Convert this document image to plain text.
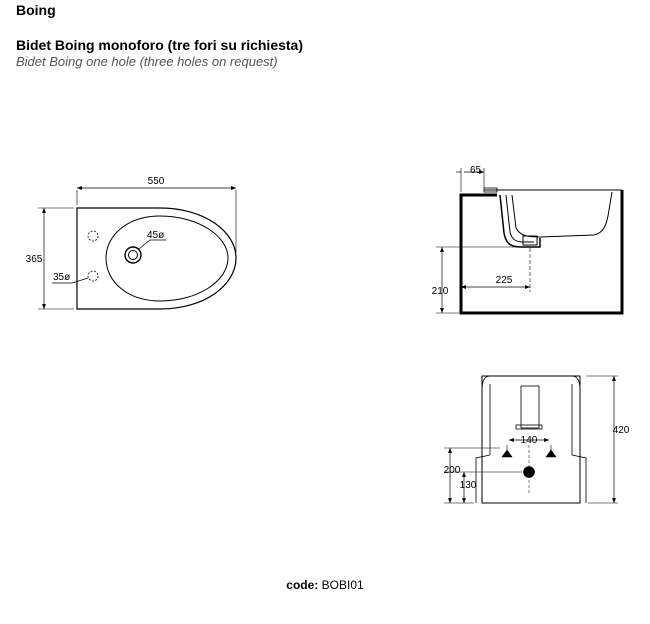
Boing
Bidet Boing monoforo (tre fori su richiesta)
Bidet Boing one hole (three holes on request)
550
365
45ø
35ø
65
225
210
140
420
200
130
code: BOBI01
